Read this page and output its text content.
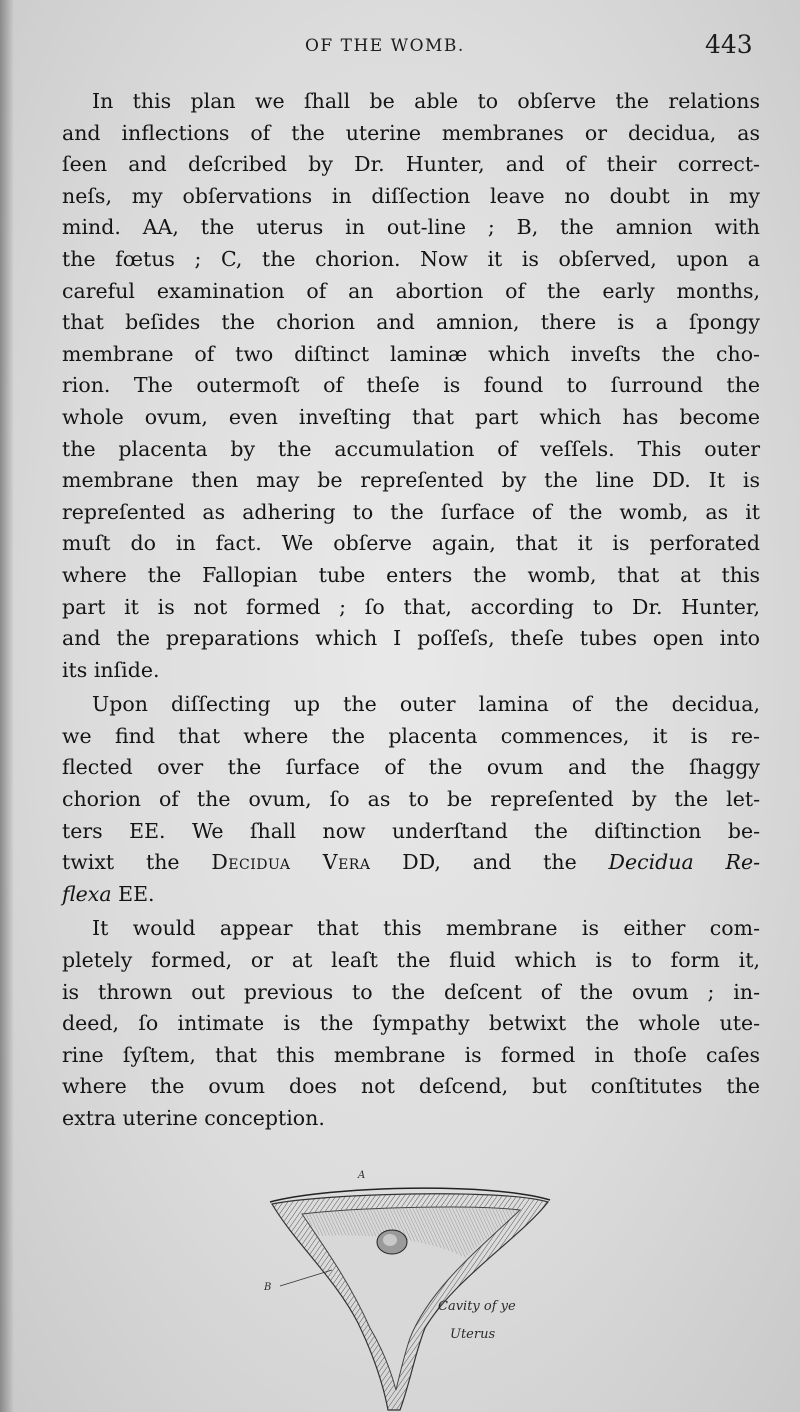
OF THE WOMB.	443

In this plan we ſhall be able to obſerve the relations

and inflections of the uterine membranes or decidua, as

ſeen and deſcribed by Dr. Hunter, and of their correct-

neſs, my obſervations in diſſection leave no doubt in my

mind. AA, the uterus in out-line ; B, the amnion with

the fœtus ; C, the chorion. Now it is obſerved, upon a

careful examination of an abortion of the early months,

that beſides the chorion and amnion, there is a ſpongy

membrane of two diſtinct laminæ which inveſts the cho-

rion. The outermoſt of theſe is found to ſurround the

whole ovum, even inveſting that part which has become

the placenta by the accumulation of veſſels. This outer

membrane then may be repreſented by the line DD. It is

repreſented as adhering to the ſurface of the womb, as it

muſt do in fact. We obſerve again, that it is perforated

where the Fallopian tube enters the womb, that at this

part it is not formed ; ſo that, according to Dr. Hunter,

and the preparations which I poſſeſs, theſe tubes open into

its inſide.

Upon diſſecting up the outer lamina of the decidua,

we find that where the placenta commences, it is re-

flected over the ſurface of the ovum and the ſhaggy

chorion of the ovum, ſo as to be repreſented by the let-

ters EE. We ſhall now underſtand the diſtinction be-

twixt the Decidua Vera DD, and the Decidua Re-

flexa EE.

It would appear that this membrane is either com-

pletely formed, or at leaſt the fluid which is to form it,

is thrown out previous to the deſcent of the ovum ; in-

deed, ſo intimate is the ſympathy betwixt the whole ute-

rine ſyſtem, that this membrane is formed in thoſe caſes

where the ovum does not deſcend, but conſtitutes the

extra uterine conception.

A
B
Cavity of ye
Uterus
